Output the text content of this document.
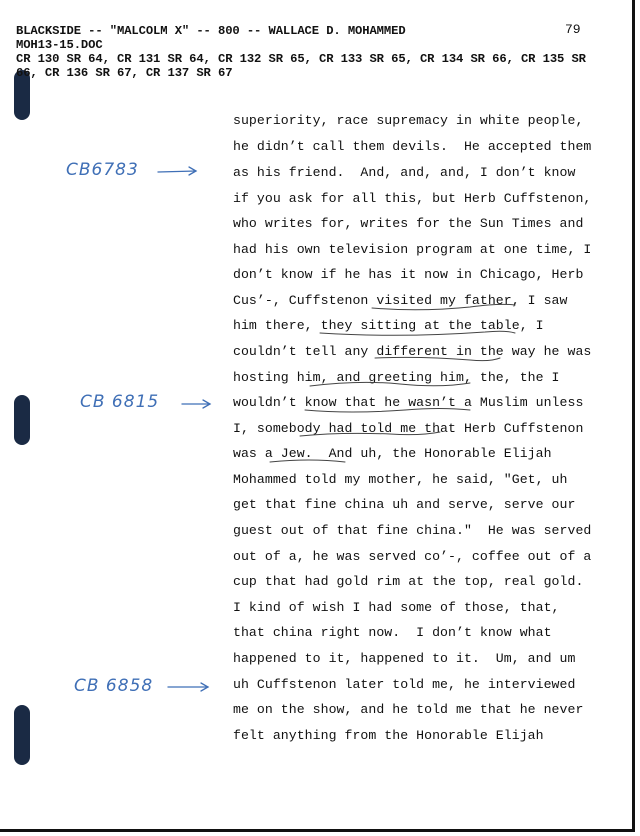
BLACKSIDE -- "MALCOLM X" -- 800 -- WALLACE D. MOHAMMED	79
MOH13-15.DOC
CR 130 SR 64, CR 131 SR 64, CR 132 SR 65, CR 133 SR 65, CR 134 SR 66, CR 135 SR
66, CR 136 SR 67, CR 137 SR 67
superiority, race supremacy in white people,
he didn’t call them devils.  He accepted them
as his friend.  And, and, and, I don’t know
if you ask for all this, but Herb Cuffstenon,
who writes for, writes for the Sun Times and
had his own television program at one time, I
don’t know if he has it now in Chicago, Herb
Cus’-, Cuffstenon visited my father, I saw
him there, they sitting at the table, I
couldn’t tell any different in the way he was
hosting him, and greeting him, the, the I
wouldn’t know that he wasn’t a Muslim unless
I, somebody had told me that Herb Cuffstenon
was a Jew.  And uh, the Honorable Elijah
Mohammed told my mother, he said, "Get, uh
get that fine china uh and serve, serve our
guest out of that fine china."  He was served
out of a, he was served co’-, coffee out of a
cup that had gold rim at the top, real gold.
I kind of wish I had some of those, that,
that china right now.  I don’t know what
happened to it, happened to it.  Um, and um
uh Cuffstenon later told me, he interviewed
me on the show, and he told me that he never
felt anything from the Honorable Elijah
CB6783
CB 6815
CB 6858
